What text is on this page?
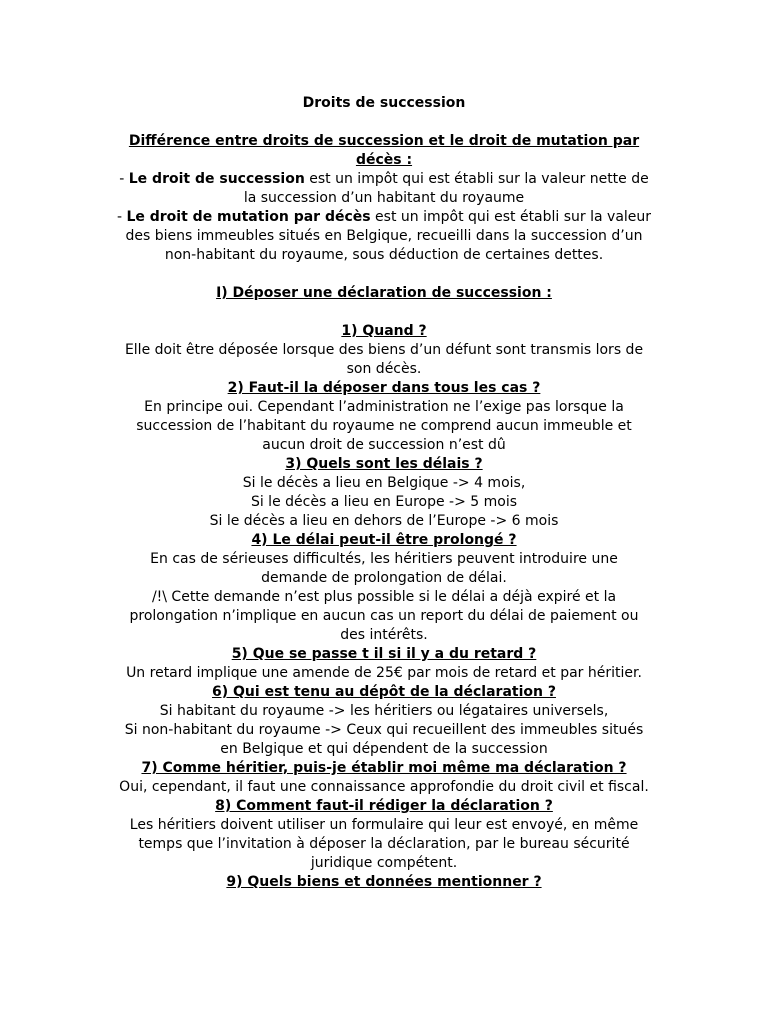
Droits de succession

Différence entre droits de succession et le droit de mutation par décès :

- Le droit de succession est un impôt qui est établi sur la valeur nette de la succession d’un habitant du royaume

- Le droit de mutation par décès est un impôt qui est établi sur la valeur des biens immeubles situés en Belgique, recueilli dans la succession d’un non-habitant du royaume, sous déduction de certaines dettes.

I) Déposer une déclaration de succession :

1) Quand ?

Elle doit être déposée lorsque des biens d’un défunt sont transmis lors de son décès.

2) Faut-il la déposer dans tous les cas ?

En principe oui. Cependant l’administration ne l’exige pas lorsque la succession de l’habitant du royaume ne comprend aucun immeuble et aucun droit de succession n’est dû

3) Quels sont les délais ?

Si le décès a lieu en Belgique -> 4 mois,

Si le décès a lieu en Europe -> 5 mois

Si le décès a lieu en dehors de l’Europe -> 6 mois

4) Le délai peut-il être prolongé ?

En cas de sérieuses difficultés, les héritiers peuvent introduire une demande de prolongation de délai.

/!\ Cette demande n’est plus possible si le délai a déjà expiré et la prolongation n’implique en aucun cas un report du délai de paiement ou des intérêts.

5) Que se passe t il si il y a du retard ?

Un retard implique une amende de 25€ par mois de retard et par héritier.

6) Qui est tenu au dépôt de la déclaration ?

Si habitant du royaume -> les héritiers ou légataires universels,

Si non-habitant du royaume -> Ceux qui recueillent des immeubles situés en Belgique et qui dépendent de la succession

7) Comme héritier, puis-je établir moi même ma déclaration ?

Oui, cependant, il faut une connaissance approfondie du droit civil et fiscal.

8) Comment faut-il rédiger la déclaration ?

Les héritiers doivent utiliser un formulaire qui leur est envoyé, en même temps que l’invitation à déposer la déclaration, par le bureau sécurité juridique compétent.

9) Quels biens et données mentionner ?
